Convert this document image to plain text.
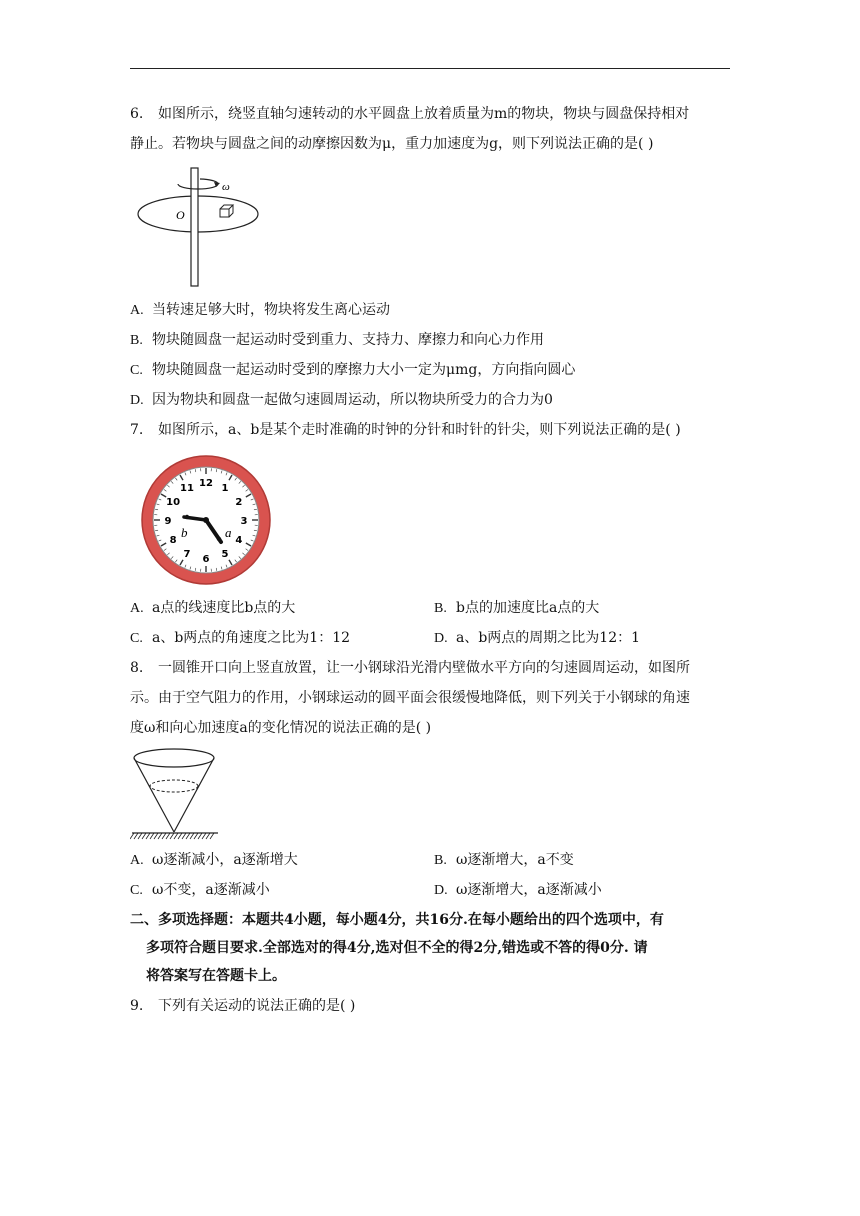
6. 如图所示，绕竖直轴匀速转动的水平圆盘上放着质量为m的物块，物块与圆盘保持相对
静止。若物块与圆盘之间的动摩擦因数为μ，重力加速度为g，则下列说法正确的是( )
ω
O
A. 当转速足够大时，物块将发生离心运动
B. 物块随圆盘一起运动时受到重力、支持力、摩擦力和向心力作用
C. 物块随圆盘一起运动时受到的摩擦力大小一定为μmg，方向指向圆心
D. 因为物块和圆盘一起做匀速圆周运动，所以物块所受力的合力为0
7. 如图所示，a、b是某个走时准确的时钟的分针和时针的针尖，则下列说法正确的是( )
12 1
2
3
4
5
6
7
8
9
10
11
b	a
A. a点的线速度比b点的大	B. b点的加速度比a点的大
C. a、b两点的角速度之比为1：12	D. a、b两点的周期之比为12：1
8. 一圆锥开口向上竖直放置，让一小钢球沿光滑内壁做水平方向的匀速圆周运动，如图所
示。由于空气阻力的作用，小钢球运动的圆平面会很缓慢地降低，则下列关于小钢球的角速
度ω和向心加速度a的变化情况的说法正确的是( )
A. ω逐渐减小，a逐渐增大	B. ω逐渐增大，a不变
C. ω不变，a逐渐减小	D. ω逐渐增大，a逐渐减小
二、多项选择题：本题共4小题，每小题4分，共16分.在每小题给出的四个选项中，有
多项符合题目要求.全部选对的得4分,选对但不全的得2分,错选或不答的得0分. 请
将答案写在答题卡上。
9. 下列有关运动的说法正确的是( )
